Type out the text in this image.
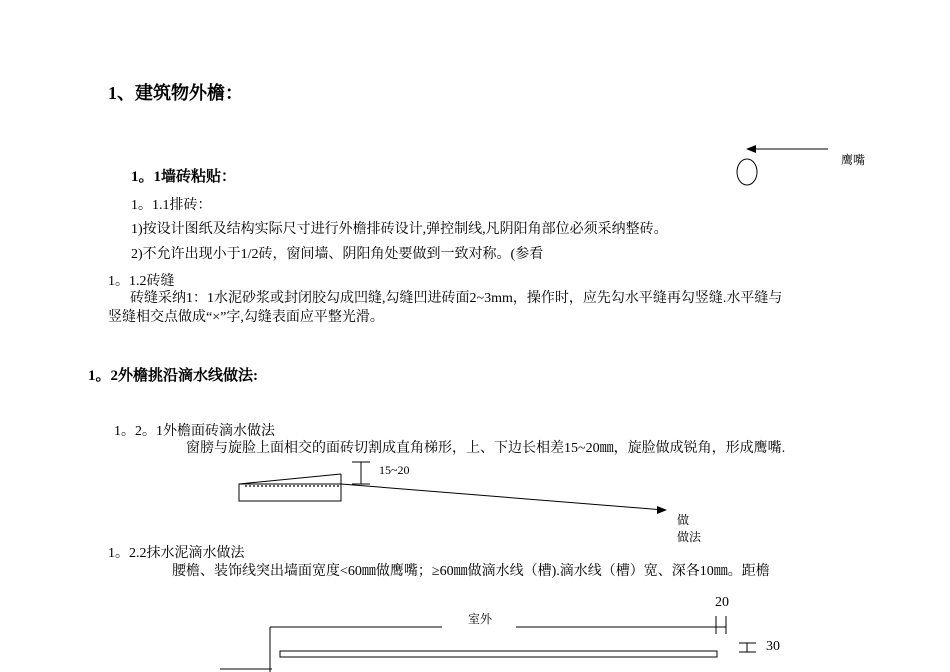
1、建筑物外檐：
1。1墙砖粘贴：
1。1.1排砖：
1)按设计图纸及结构实际尺寸进行外檐排砖设计,弹控制线,凡阴阳角部位必须采纳整砖。
2)不允许出现小于1/2砖，窗间墙、阴阳角处要做到一致对称。(参看
1。1.2砖缝
砖缝采纳1：1水泥砂浆或封闭胶勾成凹缝,勾缝凹进砖面2~3mm，操作时，应先勾水平缝再勾竖缝.水平缝与
竖缝相交点做成“×”字,勾缝表面应平整光滑。
1。2外檐挑沿滴水线做法:
1。2。1外檐面砖滴水做法
窗膀与旋脸上面相交的面砖切割成直角梯形，上、下边长相差15~20㎜，旋脸做成锐角，形成鹰嘴.
1。2.2抹水泥滴水做法
腰檐、装饰线突出墙面宽度<60㎜做鹰嘴；≥60㎜做滴水线（槽).滴水线（槽）宽、深各10㎜。距檐
鹰嘴
15~20
做
做法
室外
20
30
